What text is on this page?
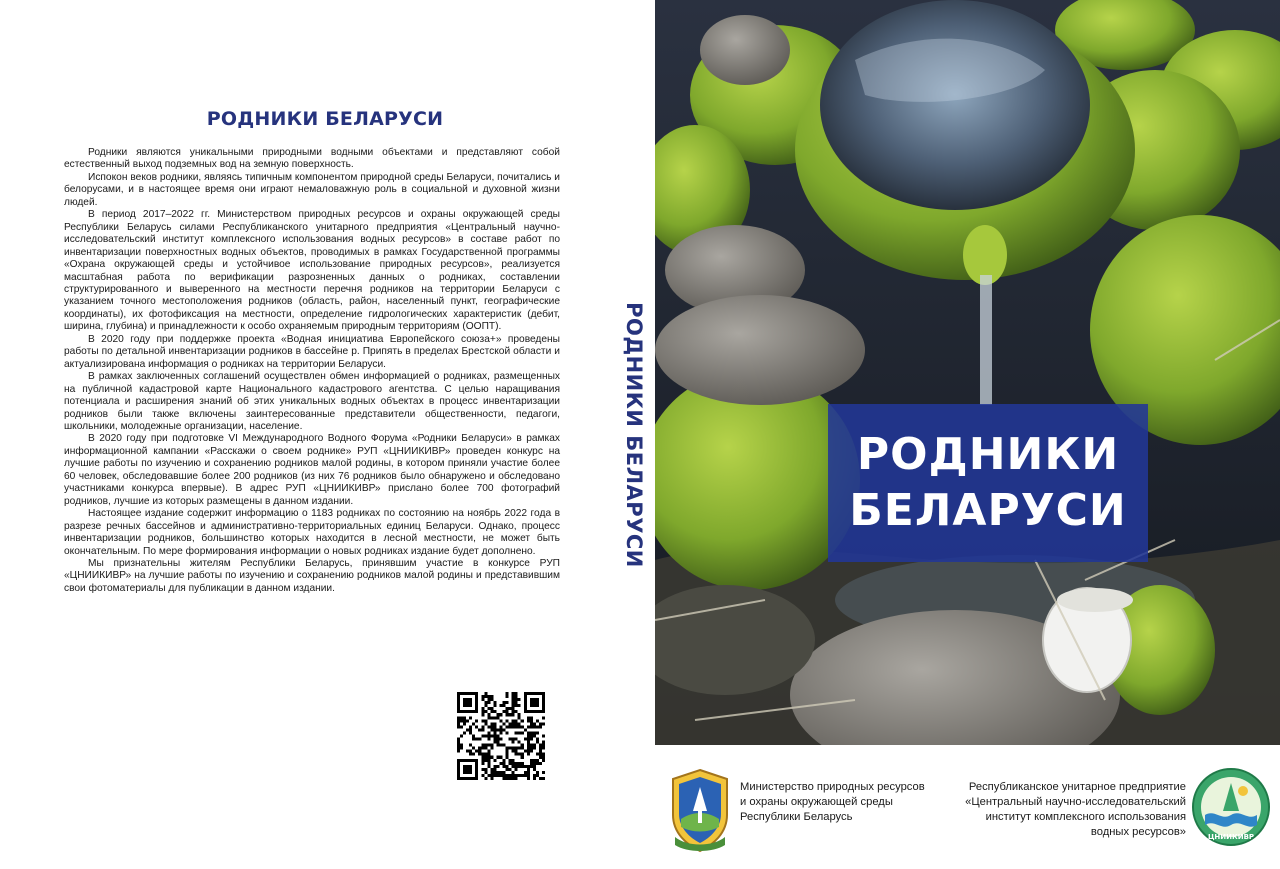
РОДНИКИ БЕЛАРУСИ

Родники являются уникальными природными водными объектами и представляют собой естественный выход подземных вод на земную поверхность.

Испокон веков родники, являясь типичным компонентом природной среды Беларуси, почитались и белорусами, и в настоящее время они играют немаловажную роль в социальной и духовной жизни людей.

В период 2017–2022 гг. Министерством природных ресурсов и охраны окружающей среды Республики Беларусь силами Республиканского унитарного предприятия «Центральный научно-исследовательский институт комплексного использования водных ресурсов» в составе работ по инвентаризации поверхностных водных объектов, проводимых в рамках Государственной программы «Охрана окружающей среды и устойчивое использование природных ресурсов», реализуется масштабная работа по верификации разрозненных данных о родниках, составлении структурированного и выверенного на местности перечня родников на территории Беларуси с указанием точного местоположения родников (область, район, населенный пункт, географические координаты), их фотофиксация на местности, определение гидрологических характеристик (дебит, ширина, глубина) и принадлежности к особо охраняемым природным территориям (ООПТ).

В 2020 году при поддержке проекта «Водная инициатива Европейского союза+» проведены работы по детальной инвентаризации родников в бассейне р. Припять в пределах Брестской области и актуализирована информация о родниках на территории Беларуси.

В рамках заключенных соглашений осуществлен обмен информацией о родниках, размещенных на публичной кадастровой карте Национального кадастрового агентства. С целью наращивания потенциала и расширения знаний об этих уникальных водных объектах в процесс инвентаризации родников были также включены заинтересованные представители общественности, педагоги, школьники, молодежные организации, население.

В 2020 году при подготовке VI Международного Водного Форума «Родники Беларуси» в рамках информационной кампании «Расскажи о своем роднике» РУП «ЦНИИКИВР» проведен конкурс на лучшие работы по изучению и сохранению родников малой родины, в котором приняли участие более 60 человек, обследовавшие более 200 родников (из них 76 родников было обнаружено и обследовано участниками конкурса впервые). В адрес РУП «ЦНИИКИВР» прислано более 700 фотографий родников, лучшие из которых размещены в данном издании.

Настоящее издание содержит информацию о 1183 родниках по состоянию на ноябрь 2022 года в разрезе речных бассейнов и административно-территориальных единиц Беларуси. Однако, процесс инвентаризации родников, большинство которых находится в лесной местности, не может быть окончательным. По мере формирования информации о новых родниках издание будет дополнено.

Мы признательны жителям Республики Беларусь, принявшим участие в конкурсе РУП «ЦНИИКИВР» на лучшие работы по изучению и сохранению родников малой родины и представившим свои фотоматериалы для публикации в данном издании.

РОДНИКИ БЕЛАРУСИ	РОДНИКИ
БЕЛАРУСИ
Министерство природных ресурсов
и охраны окружающей среды
Республики Беларусь
Республиканское унитарное предприятие
«Центральный научно-исследовательский
институт комплексного использования
водных ресурсов»	ЦНИИКИВР
